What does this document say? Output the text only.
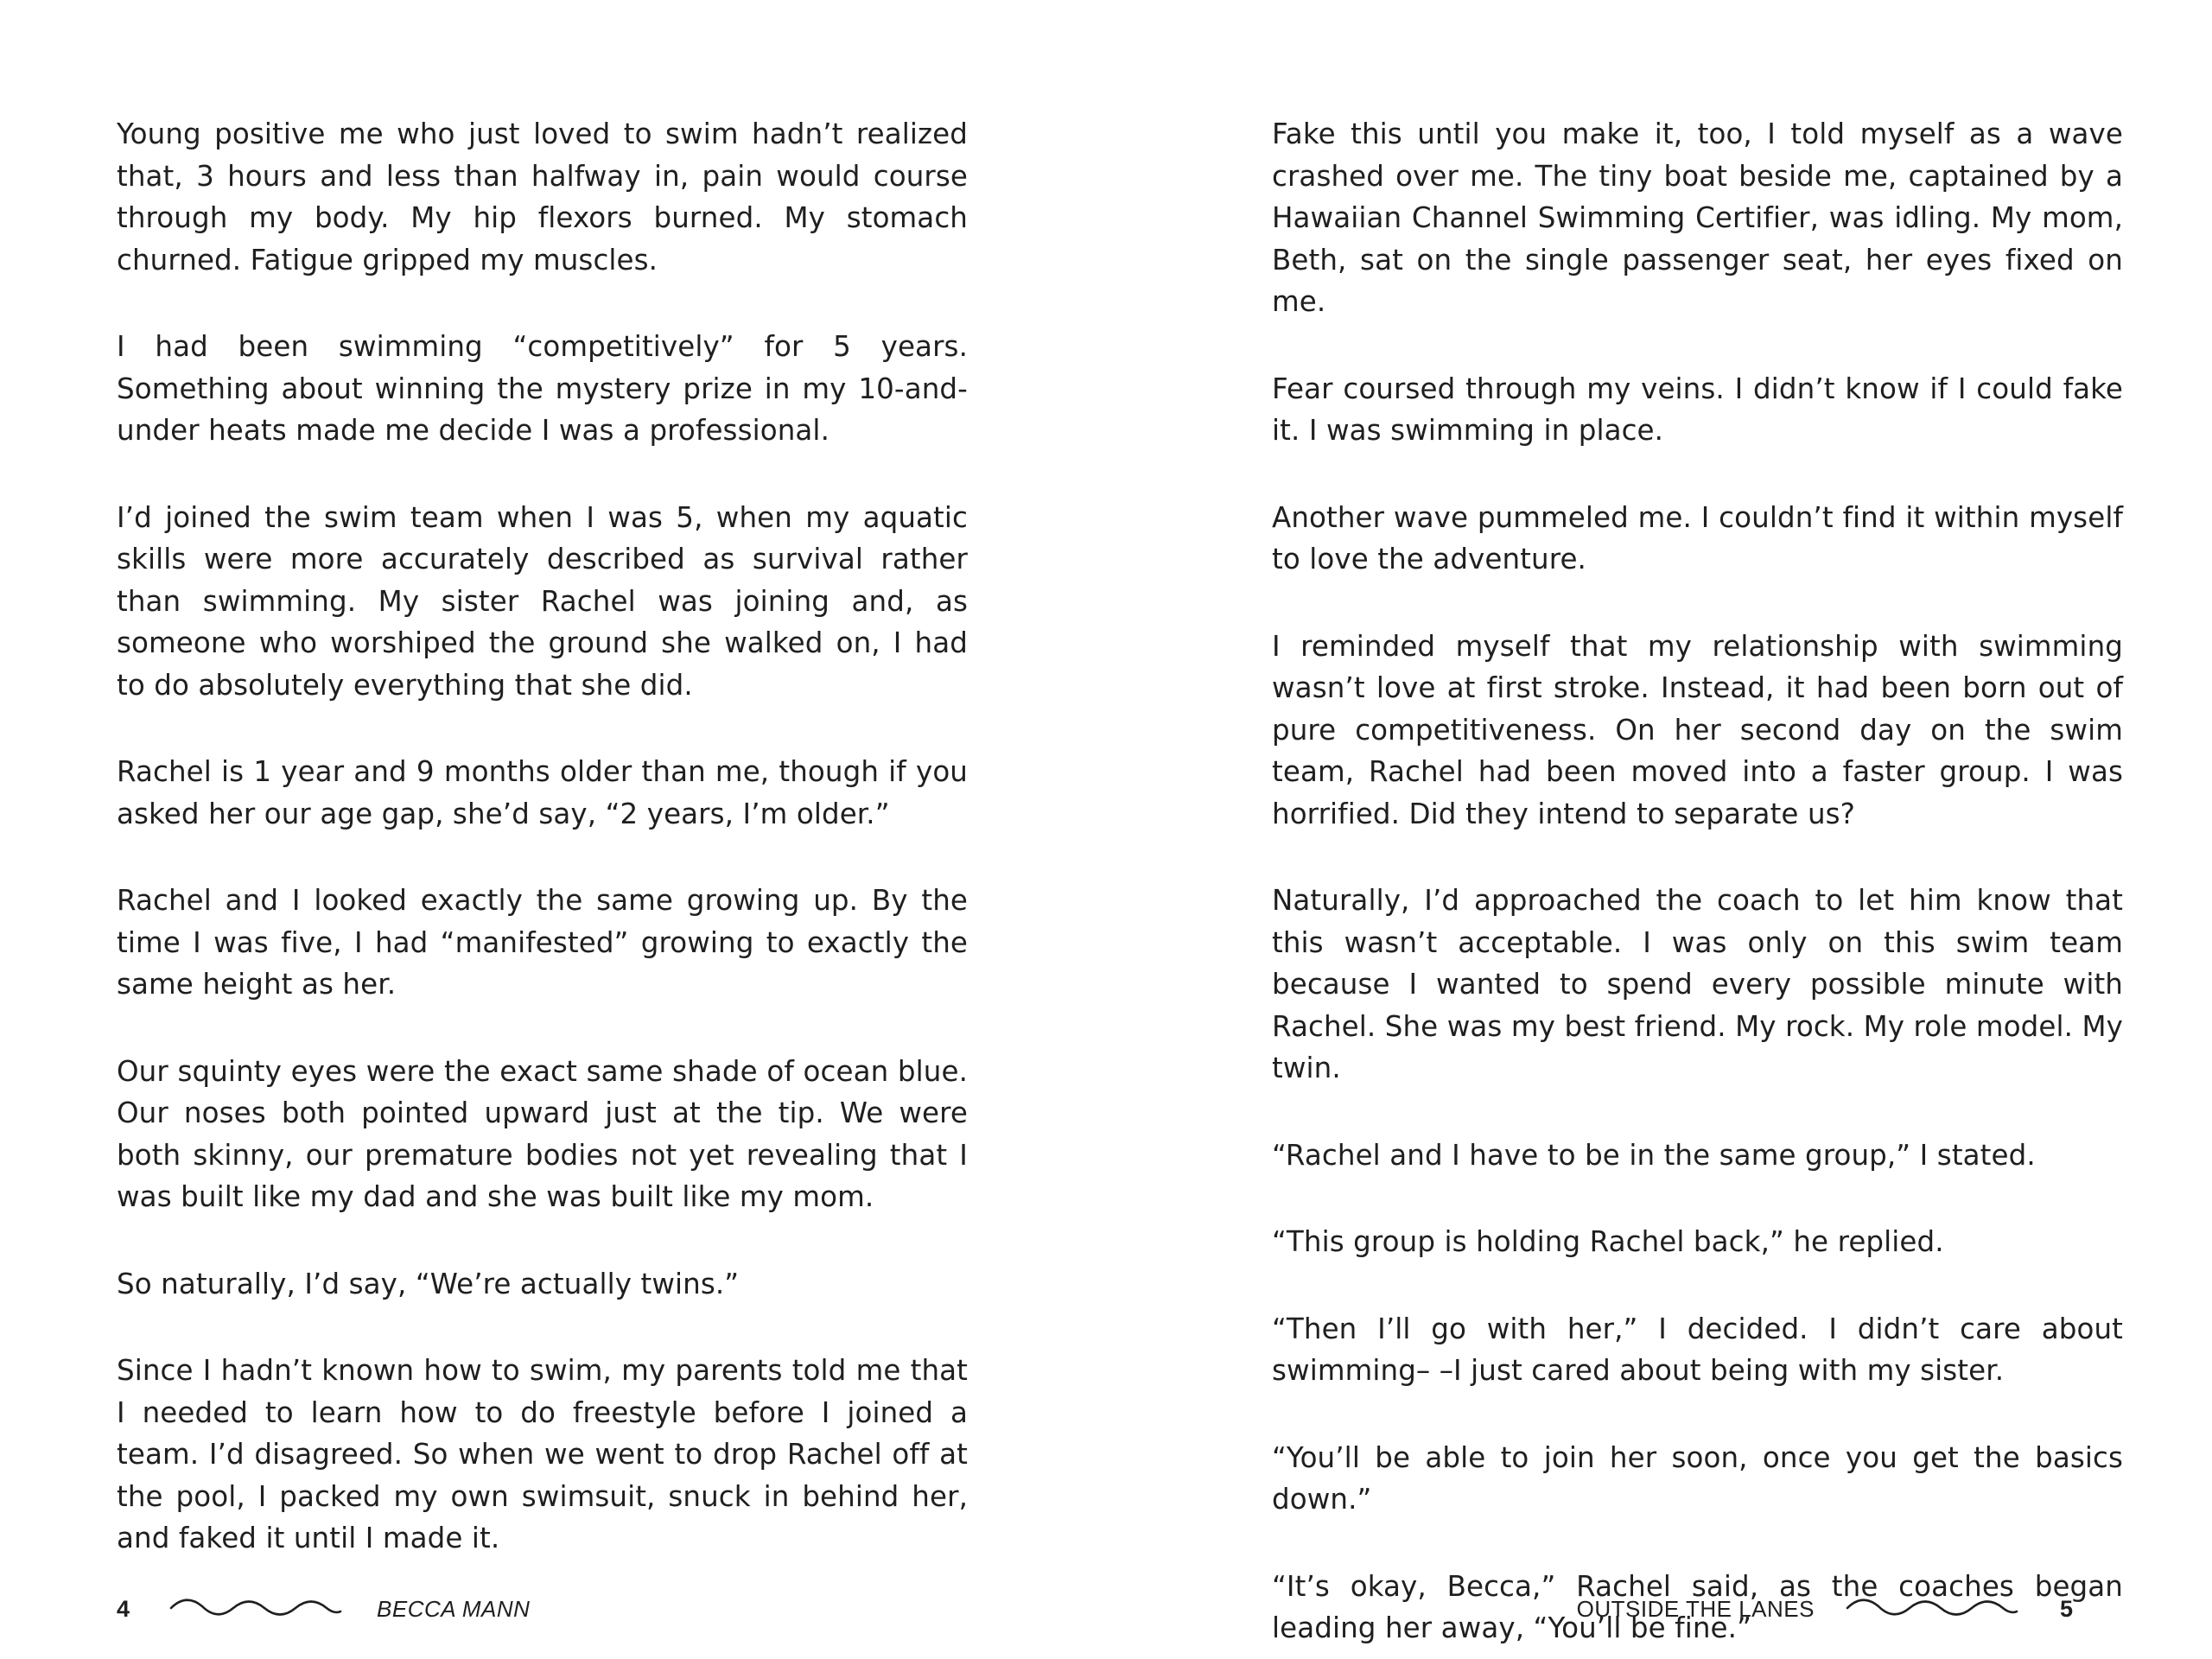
Young positive me who just loved to swim hadn’t realized that, 3 hours and less than halfway in, pain would course through my body. My hip flexors burned. My stomach churned. Fatigue gripped my muscles.

I had been swimming “competitively” for 5 years. Something about winning the mystery prize in my 10-and-under heats made me decide I was a professional.

I’d joined the swim team when I was 5, when my aquatic skills were more accurately described as survival rather than swimming. My sister Rachel was joining and, as someone who worshiped the ground she walked on, I had to do absolutely everything that she did.

Rachel is 1 year and 9 months older than me, though if you asked her our age gap, she’d say, “2 years, I’m older.”

Rachel and I looked exactly the same growing up. By the time I was five, I had “manifested” growing to exactly the same height as her.

Our squinty eyes were the exact same shade of ocean blue. Our noses both pointed upward just at the tip. We were both skinny, our premature bodies not yet revealing that I was built like my dad and she was built like my mom.

So naturally, I’d say, “We’re actually twins.”

Since I hadn’t known how to swim, my parents told me that I needed to learn how to do freestyle before I joined a team. I’d disagreed. So when we went to drop Rachel off at the pool, I packed my own swimsuit, snuck in behind her, and faked it until I made it.

4	BECCA MANN

Fake this until you make it, too, I told myself as a wave crashed over me. The tiny boat beside me, captained by a Hawaiian Channel Swimming Certifier, was idling. My mom, Beth, sat on the single passenger seat, her eyes fixed on me.

Fear coursed through my veins. I didn’t know if I could fake it. I was swimming in place.

Another wave pummeled me. I couldn’t find it within myself to love the adventure.

I reminded myself that my relationship with swimming wasn’t love at first stroke. Instead, it had been born out of pure competitiveness. On her second day on the swim team, Rachel had been moved into a faster group. I was horrified. Did they intend to separate us?

Naturally, I’d approached the coach to let him know that this wasn’t acceptable. I was only on this swim team because I wanted to spend every possible minute with Rachel. She was my best friend. My rock. My role model. My twin.

“Rachel and I have to be in the same group,” I stated.

“This group is holding Rachel back,” he replied.

“Then I’ll go with her,” I decided. I didn’t care about swimming– –I just cared about being with my sister.

“You’ll be able to join her soon, once you get the basics down.”

“It’s okay, Becca,” Rachel said, as the coaches began leading her away, “You’ll be fine.”

OUTSIDE THE LANES	5
